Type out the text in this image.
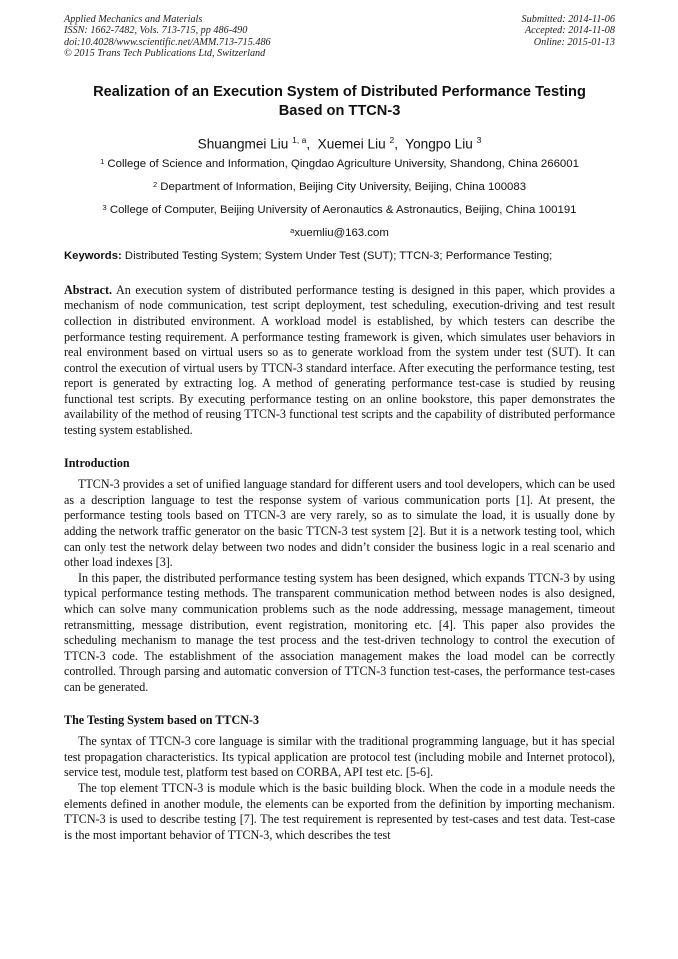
Applied Mechanics and Materials
ISSN: 1662-7482, Vols. 713-715, pp 486-490
doi:10.4028/www.scientific.net/AMM.713-715.486
© 2015 Trans Tech Publications Ltd, Switzerland
Submitted: 2014-11-06
Accepted: 2014-11-08
Online: 2015-01-13
Realization of an Execution System of Distributed Performance Testing
Based on TTCN-3
Shuangmei Liu $^{1, a}$,  Xuemei Liu $^2$,  Yongpo Liu $^3$
$^1$ College of Science and Information, Qingdao Agriculture University, Shandong, China 266001
$^2$ Department of Information, Beijing City University, Beijing, China 100083
$^3$ College of Computer, Beijing University of Aeronautics & Astronautics, Beijing, China 100191
$^a$xuemliu@163.com
Keywords: Distributed Testing System; System Under Test (SUT); TTCN-3; Performance Testing;
Abstract. An execution system of distributed performance testing is designed in this paper, which provides a mechanism of node communication, test script deployment, test scheduling, execution-driving and test result collection in distributed environment. A workload model is established, by which testers can describe the performance testing requirement. A performance testing framework is given, which simulates user behaviors in real environment based on virtual users so as to generate workload from the system under test (SUT). It can control the execution of virtual users by TTCN-3 standard interface. After executing the performance testing, test report is generated by extracting log. A method of generating performance test-case is studied by reusing functional test scripts. By executing performance testing on an online bookstore, this paper demonstrates the availability of the method of reusing TTCN-3 functional test scripts and the capability of distributed performance testing system established.
Introduction
TTCN-3 provides a set of unified language standard for different users and tool developers, which can be used as a description language to test the response system of various communication ports [1]. At present, the performance testing tools based on TTCN-3 are very rarely, so as to simulate the load, it is usually done by adding the network traffic generator on the basic TTCN-3 test system [2]. But it is a network testing tool, which can only test the network delay between two nodes and didn’t consider the business logic in a real scenario and other load indexes [3].
In this paper, the distributed performance testing system has been designed, which expands TTCN-3 by using typical performance testing methods. The transparent communication method between nodes is also designed, which can solve many communication problems such as the node addressing, message management, timeout retransmitting, message distribution, event registration, monitoring etc. [4]. This paper also provides the scheduling mechanism to manage the test process and the test-driven technology to control the execution of TTCN-3 code. The establishment of the association management makes the load model can be correctly controlled. Through parsing and automatic conversion of TTCN-3 function test-cases, the performance test-cases can be generated.
The Testing System based on TTCN-3
The syntax of TTCN-3 core language is similar with the traditional programming language, but it has special test propagation characteristics. Its typical application are protocol test (including mobile and Internet protocol), service test, module test, platform test based on CORBA, API test etc. [5-6].
The top element TTCN-3 is module which is the basic building block. When the code in a module needs the elements defined in another module, the elements can be exported from the definition by importing mechanism. TTCN-3 is used to describe testing [7]. The test requirement is represented by test-cases and test data. Test-case is the most important behavior of TTCN-3, which describes the test
